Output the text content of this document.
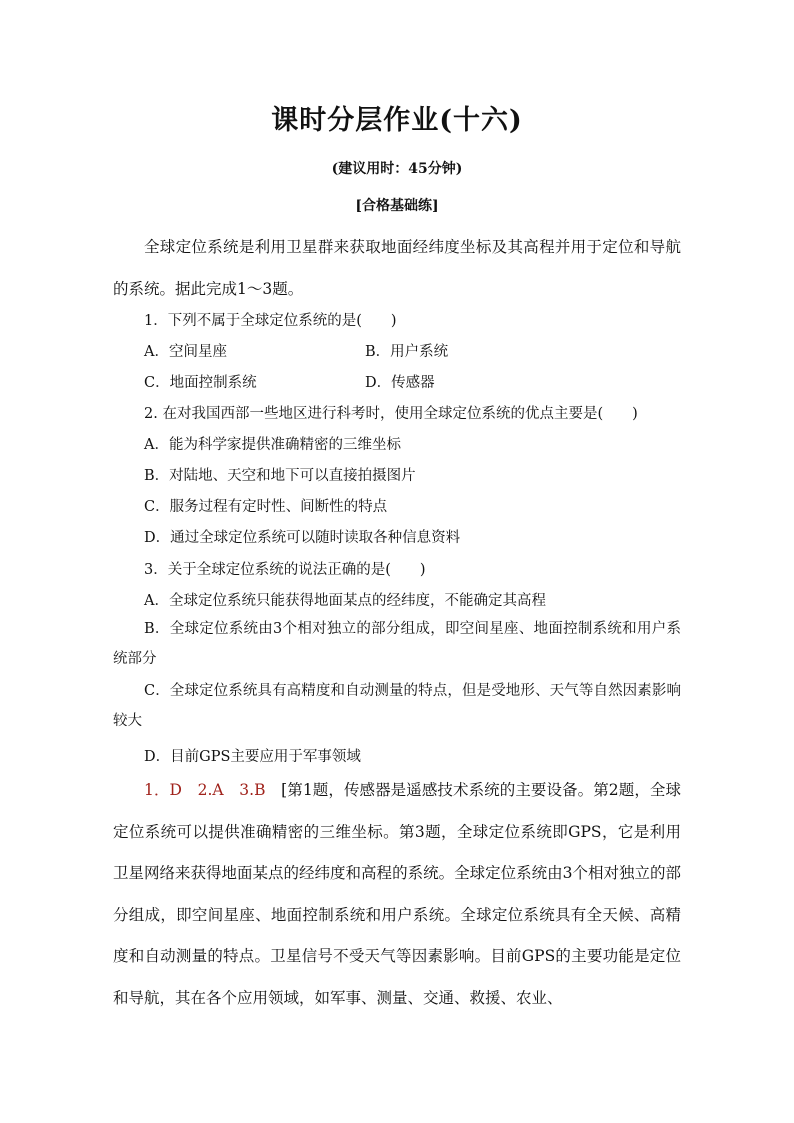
课时分层作业(十六)
(建议用时：45分钟)
[合格基础练]
全球定位系统是利用卫星群来获取地面经纬度坐标及其高程并用于定位和导航的系统。据此完成1～3题。
1．下列不属于全球定位系统的是(　　)
A．空间星座	B．用户系统
C．地面控制系统	D．传感器
2. 在对我国西部一些地区进行科考时，使用全球定位系统的优点主要是(　　)
A．能为科学家提供准确精密的三维坐标
B．对陆地、天空和地下可以直接拍摄图片
C．服务过程有定时性、间断性的特点
D．通过全球定位系统可以随时读取各种信息资料
3．关于全球定位系统的说法正确的是(　　)
A．全球定位系统只能获得地面某点的经纬度，不能确定其高程
B．全球定位系统由3个相对独立的部分组成，即空间星座、地面控制系统和用户系统部分
C．全球定位系统具有高精度和自动测量的特点，但是受地形、天气等自然因素影响较大
D．目前GPS主要应用于军事领域
1．D　 2.A　 3.B　 [第1题，传感器是遥感技术系统的主要设备。第2题，全球定位系统可以提供准确精密的三维坐标。第3题，全球定位系统即GPS，它是利用卫星网络来获得地面某点的经纬度和高程的系统。全球定位系统由3个相对独立的部分组成，即空间星座、地面控制系统和用户系统。全球定位系统具有全天候、高精度和自动测量的特点。卫星信号不受天气等因素影响。目前GPS的主要功能是定位和导航，其在各个应用领域，如军事、测量、交通、救援、农业、
